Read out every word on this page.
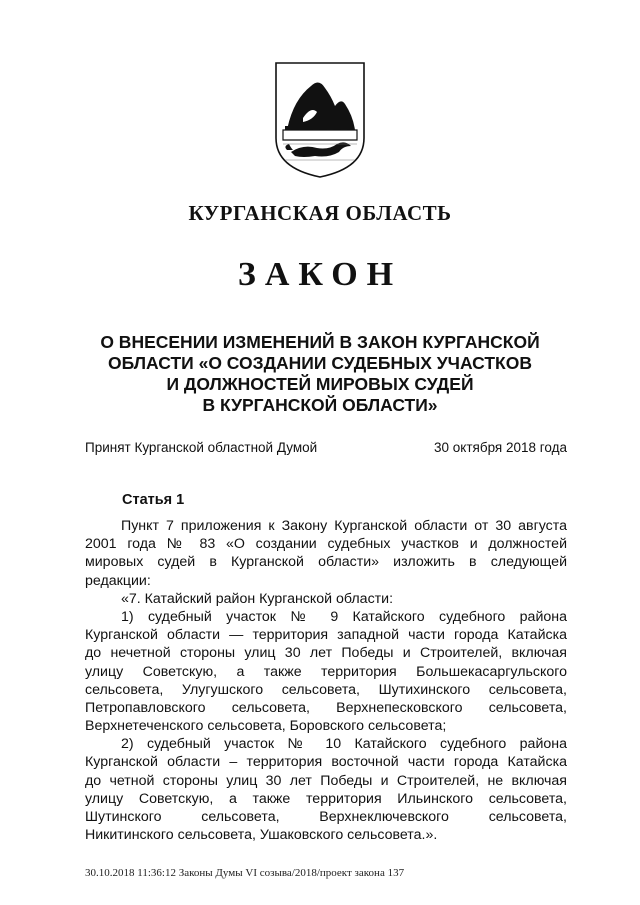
КУРГАНСКАЯ ОБЛАСТЬ
ЗАКОН
О ВНЕСЕНИИ ИЗМЕНЕНИЙ В ЗАКОН КУРГАНСКОЙ
ОБЛАСТИ «О СОЗДАНИИ СУДЕБНЫХ УЧАСТКОВ
И ДОЛЖНОСТЕЙ МИРОВЫХ СУДЕЙ
В КУРГАНСКОЙ ОБЛАСТИ»
Принят Курганской областной Думой	30 октября 2018 года
Статья 1
Пункт 7 приложения к Закону Курганской области от 30 августа
2001 года № 83 «О создании судебных участков и должностей
мировых судей в Курганской области» изложить в следующей
редакции:
«7. Катайский район Курганской области:
1) судебный участок № 9 Катайского судебного района
Курганской области — территория западной части города Катайска
до нечетной стороны улиц 30 лет Победы и Строителей, включая
улицу Советскую, а также территория Большекасаргульского
сельсовета, Улугушского сельсовета, Шутихинского сельсовета,
Петропавловского сельсовета, Верхнепесковского сельсовета,
Верхнетеченского сельсовета, Боровского сельсовета;
2) судебный участок № 10 Катайского судебного района
Курганской области – территория восточной части города Катайска
до четной стороны улиц 30 лет Победы и Строителей, не включая
улицу Советскую, а также территория Ильинского сельсовета,
Шутинского сельсовета, Верхнеключевского сельсовета,
Никитинского сельсовета, Ушаковского сельсовета.».
30.10.2018 11:36:12 Законы Думы VI созыва/2018/проект закона 137
